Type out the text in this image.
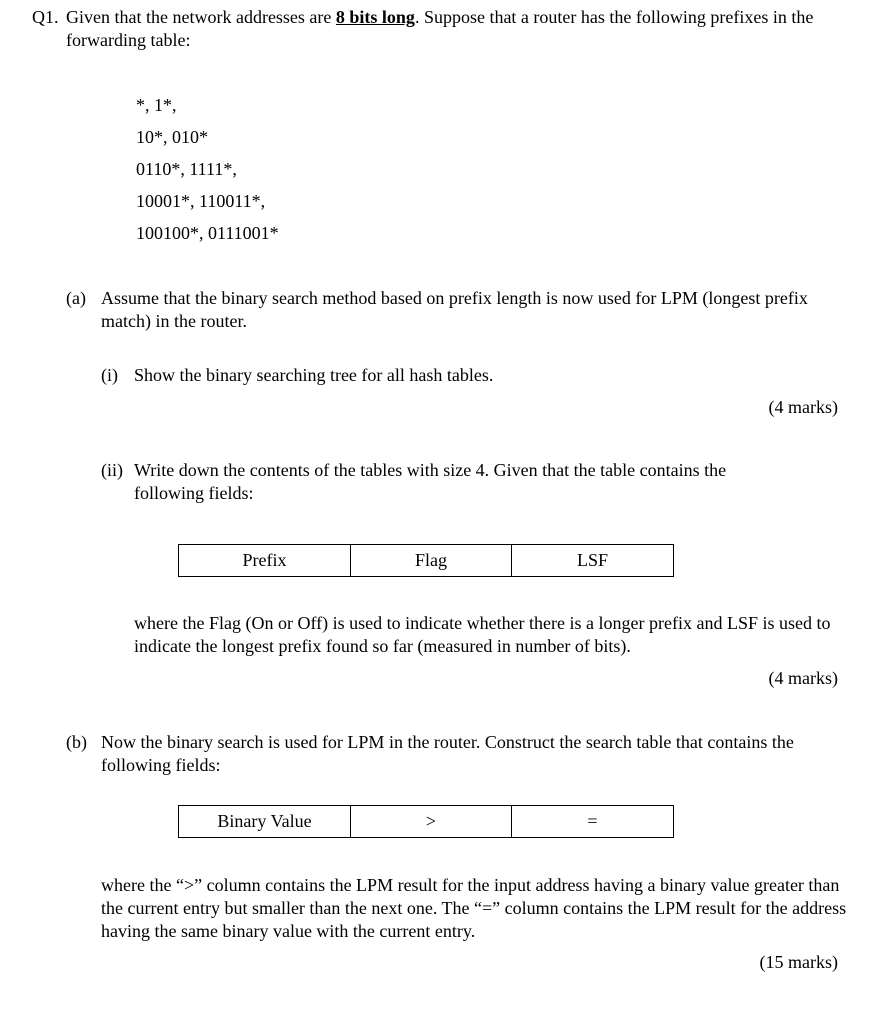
Q1. Given that the network addresses are 8 bits long. Suppose that a router has the following prefixes in the forwarding table:
*, 1*,
10*, 010*
0110*, 1111*,
10001*, 110011*,
100100*, 0111001*
(a) Assume that the binary search method based on prefix length is now used for LPM (longest prefix match) in the router.
(i) Show the binary searching tree for all hash tables.
(4 marks)
(ii) Write down the contents of the tables with size 4. Given that the table contains the following fields:
Prefix	Flag	LSF
where the Flag (On or Off) is used to indicate whether there is a longer prefix and LSF is used to indicate the longest prefix found so far (measured in number of bits).
(4 marks)
(b) Now the binary search is used for LPM in the router. Construct the search table that contains the following fields:
Binary Value	>	=
where the “>” column contains the LPM result for the input address having a binary value greater than the current entry but smaller than the next one. The “=” column contains the LPM result for the address having the same binary value with the current entry.
(15 marks)
